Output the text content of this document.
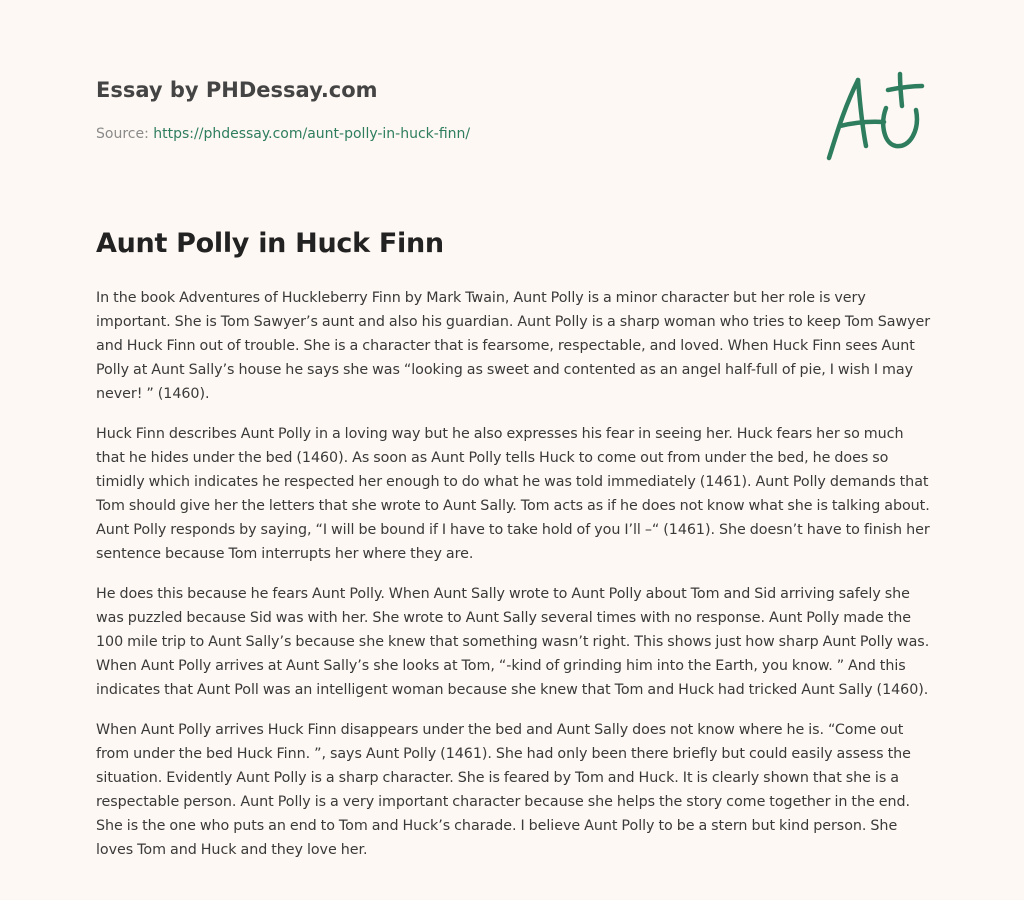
Essay by PHDessay.com
Source: https://phdessay.com/aunt-polly-in-huck-finn/
Aunt Polly in Huck Finn

In the book Adventures of Huckleberry Finn by Mark Twain, Aunt Polly is a minor character but her role is very important. She is Tom Sawyer’s aunt and also his guardian. Aunt Polly is a sharp woman who tries to keep Tom Sawyer and Huck Finn out of trouble. She is a character that is fearsome, respectable, and loved. When Huck Finn sees Aunt Polly at Aunt Sally’s house he says she was “looking as sweet and contented as an angel half-full of pie, I wish I may never! ” (1460).

Huck Finn describes Aunt Polly in a loving way but he also expresses his fear in seeing her. Huck fears her so much that he hides under the bed (1460). As soon as Aunt Polly tells Huck to come out from under the bed, he does so timidly which indicates he respected her enough to do what he was told immediately (1461). Aunt Polly demands that Tom should give her the letters that she wrote to Aunt Sally. Tom acts as if he does not know what she is talking about. Aunt Polly responds by saying, “I will be bound if I have to take hold of you I’ll –“ (1461). She doesn’t have to finish her sentence because Tom interrupts her where they are.

He does this because he fears Aunt Polly. When Aunt Sally wrote to Aunt Polly about Tom and Sid arriving safely she was puzzled because Sid was with her. She wrote to Aunt Sally several times with no response. Aunt Polly made the 100 mile trip to Aunt Sally’s because she knew that something wasn’t right. This shows just how sharp Aunt Polly was. When Aunt Polly arrives at Aunt Sally’s she looks at Tom, “-kind of grinding him into the Earth, you know. ” And this indicates that Aunt Poll was an intelligent woman because she knew that Tom and Huck had tricked Aunt Sally (1460).

When Aunt Polly arrives Huck Finn disappears under the bed and Aunt Sally does not know where he is. “Come out from under the bed Huck Finn. ”, says Aunt Polly (1461). She had only been there briefly but could easily assess the situation. Evidently Aunt Polly is a sharp character. She is feared by Tom and Huck. It is clearly shown that she is a respectable person. Aunt Polly is a very important character because she helps the story come together in the end. She is the one who puts an end to Tom and Huck’s charade. I believe Aunt Polly to be a stern but kind person. She loves Tom and Huck and they love her.
